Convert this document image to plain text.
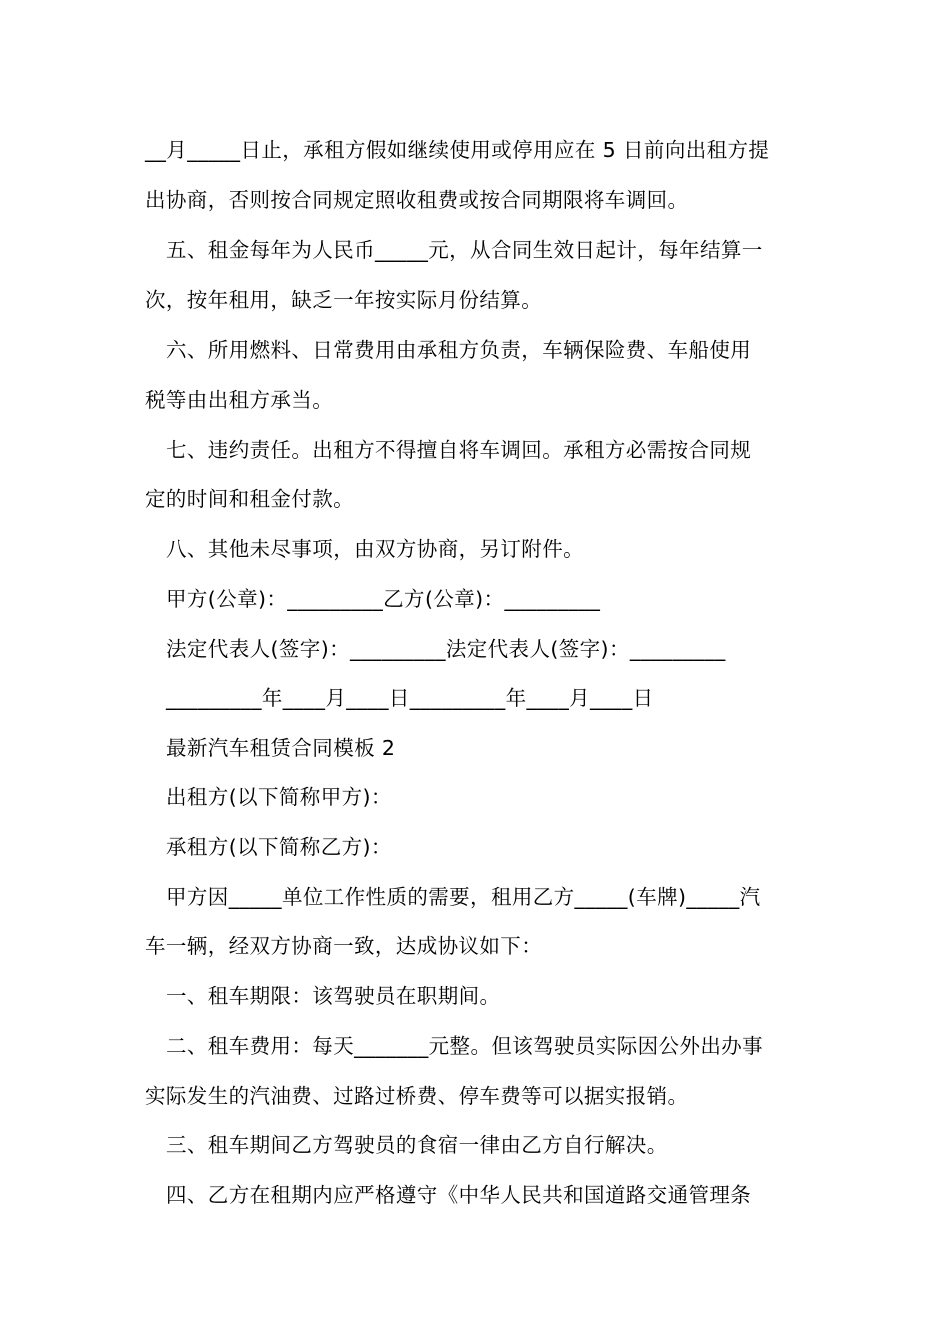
__月_____日止，承租方假如继续使用或停用应在 5 日前向出租方提
出协商，否则按合同规定照收租费或按合同期限将车调回。
五、租金每年为人民币_____元，从合同生效日起计，每年结算一
次，按年租用，缺乏一年按实际月份结算。
六、所用燃料、日常费用由承租方负责，车辆保险费、车船使用
税等由出租方承当。
七、违约责任。出租方不得擅自将车调回。承租方必需按合同规
定的时间和租金付款。
八、其他未尽事项，由双方协商，另订附件。
甲方(公章)：_________乙方(公章)：_________
法定代表人(签字)：_________法定代表人(签字)：_________
_________年____月____日_________年____月____日
最新汽车租赁合同模板 2
出租方(以下简称甲方)：
承租方(以下简称乙方)：
甲方因_____单位工作性质的需要，租用乙方_____(车牌)_____汽
车一辆，经双方协商一致，达成协议如下：
一、租车期限：该驾驶员在职期间。
二、租车费用：每天_______元整。但该驾驶员实际因公外出办事
实际发生的汽油费、过路过桥费、停车费等可以据实报销。
三、租车期间乙方驾驶员的食宿一律由乙方自行解决。
四、乙方在租期内应严格遵守《中华人民共和国道路交通管理条
